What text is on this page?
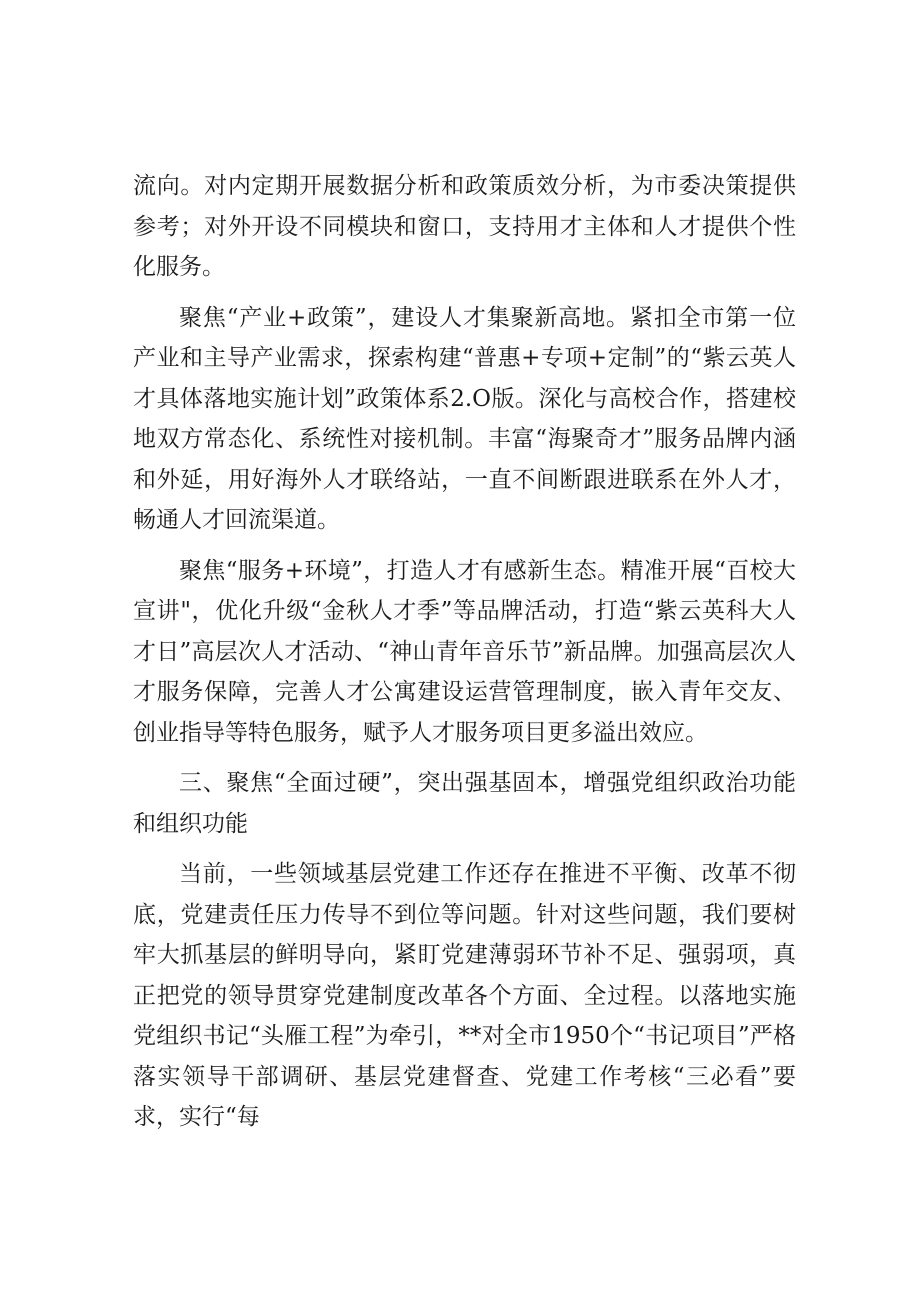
流向。对内定期开展数据分析和政策质效分析，为市委决策提供参考；对外开设不同模块和窗口，支持用才主体和人才提供个性化服务。

聚焦“产业+政策”，建设人才集聚新高地。紧扣全市第一位产业和主导产业需求，探索构建“普惠+专项+定制”的“紫云英人才具体落地实施计划”政策体系2.O版。深化与高校合作，搭建校地双方常态化、系统性对接机制。丰富“海聚奇才”服务品牌内涵和外延，用好海外人才联络站，一直不间断跟进联系在外人才，畅通人才回流渠道。

聚焦“服务+环境”，打造人才有感新生态。精准开展“百校大宣讲"，优化升级“金秋人才季”等品牌活动，打造“紫云英科大人才日”高层次人才活动、“神山青年音乐节”新品牌。加强高层次人才服务保障，完善人才公寓建设运营管理制度，嵌入青年交友、创业指导等特色服务，赋予人才服务项目更多溢出效应。

三、聚焦“全面过硬”，突出强基固本，增强党组织政治功能和组织功能

当前，一些领域基层党建工作还存在推进不平衡、改革不彻底，党建责任压力传导不到位等问题。针对这些问题，我们要树牢大抓基层的鲜明导向，紧盯党建薄弱环节补不足、强弱项，真正把党的领导贯穿党建制度改革各个方面、全过程。以落地实施党组织书记“头雁工程”为牵引，**对全市1950个“书记项目”严格落实领导干部调研、基层党建督查、党建工作考核“三必看”要求，实行“每
